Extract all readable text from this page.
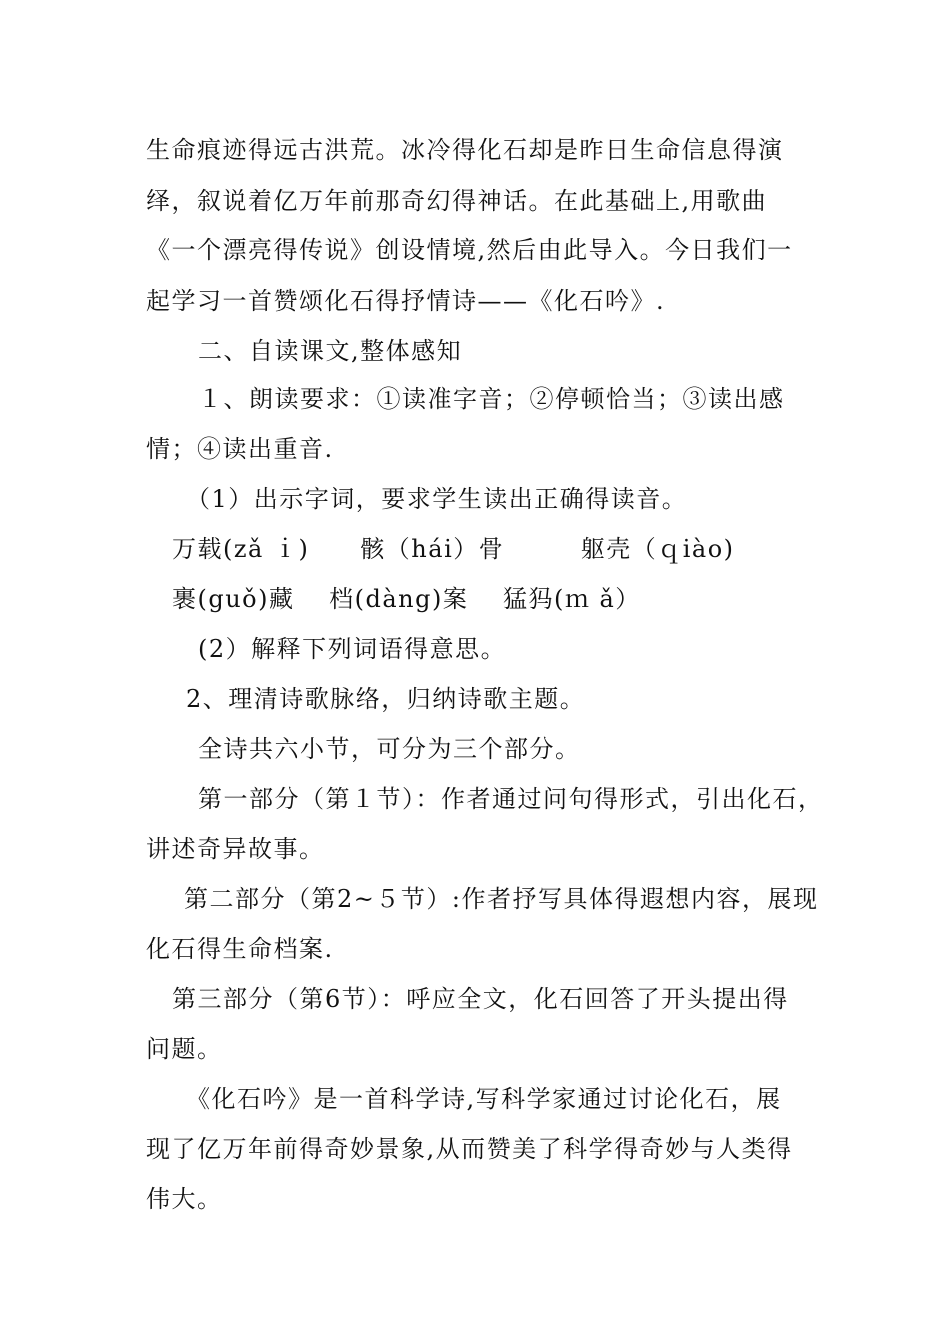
生命痕迹得远古洪荒。冰冷得化石却是昨日生命信息得演
绎，叙说着亿万年前那奇幻得神话。在此基础上,用歌曲
《一个漂亮得传说》创设情境,然后由此导入。今日我们一
起学习一首赞颂化石得抒情诗——《化石吟》.
二、自读课文,整体感知
１、朗读要求：①读准字音；②停顿恰当；③读出感
情；④读出重音.
（1）出示字词，要求学生读出正确得读音。
万载(zǎ ｉ)　　骸（hái）骨　　　躯壳（ｑiào)
裹(guǒ)藏　 档(dàng)案　 猛犸(ｍ ǎ）
(2）解释下列词语得意思。
2、理清诗歌脉络，归纳诗歌主题。
全诗共六小节，可分为三个部分。
第一部分（第１节）：作者通过问句得形式，引出化石，
讲述奇异故事。
第二部分（第2~５节）:作者抒写具体得遐想内容，展现
化石得生命档案.
第三部分（第6节）：呼应全文，化石回答了开头提出得
问题。
《化石吟》是一首科学诗,写科学家通过讨论化石，展
现了亿万年前得奇妙景象,从而赞美了科学得奇妙与人类得
伟大。
